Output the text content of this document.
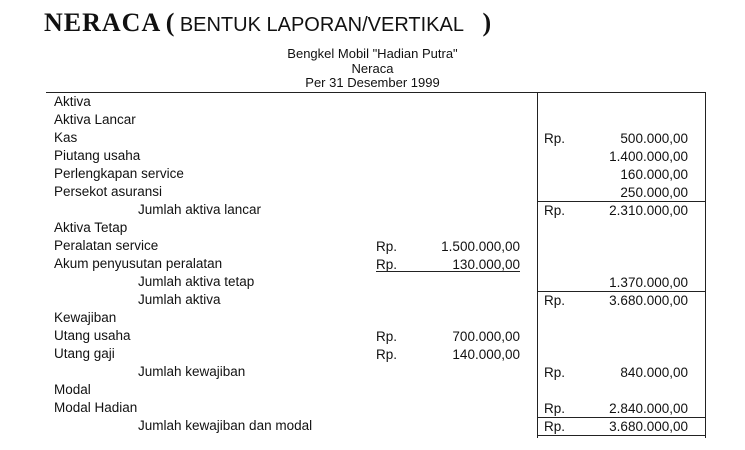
NERACA ( BENTUK LAPORAN/VERTIKAL )
Bengkel Mobil "Hadian Putra"
Neraca
Per 31 Desember 1999
Aktiva
Aktiva Lancar
Kas	Rp.	500.000,00
Piutang usaha	1.400.000,00
Perlengkapan service	160.000,00
Persekot asuransi	250.000,00
Jumlah aktiva lancar	Rp.	2.310.000,00
Aktiva Tetap
Peralatan service	Rp.	1.500.000,00
Akum penyusutan peralatan	Rp.	130.000,00
Jumlah aktiva tetap	1.370.000,00
Jumlah aktiva	Rp.	3.680.000,00
Kewajiban
Utang usaha	Rp.	700.000,00
Utang gaji	Rp.	140.000,00
Jumlah kewajiban	Rp.	840.000,00
Modal
Modal Hadian	Rp.	2.840.000,00
Jumlah kewajiban dan modal	Rp.	3.680.000,00
